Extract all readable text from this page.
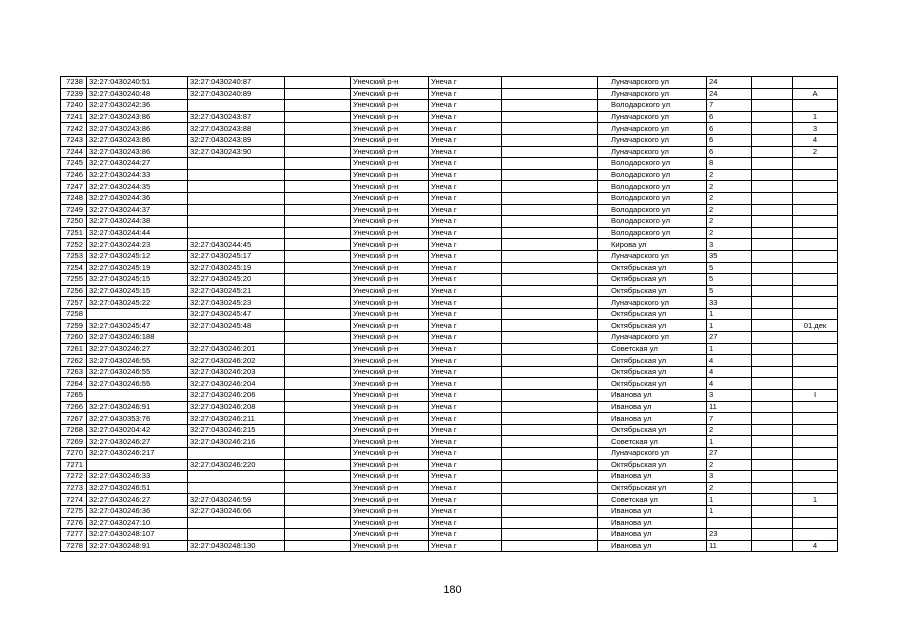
7238	32:27:0430240:51	32:27:0430240:87		Унечский р-н	Унеча г		Луначарского ул	24		
7239	32:27:0430240:48	32:27:0430240:89		Унечский р-н	Унеча г		Луначарского ул	24		А
7240	32:27:0430242:36			Унечский р-н	Унеча г		Володарского ул	7		
7241	32:27:0430243:86	32:27:0430243:87		Унечский р-н	Унеча г		Луначарского ул	6		1
7242	32:27:0430243:86	32:27:0430243:88		Унечский р-н	Унеча г		Луначарского ул	6		3
7243	32:27:0430243:86	32:27:0430243:89		Унечский р-н	Унеча г		Луначарского ул	6		4
7244	32:27:0430243:86	32:27:0430243:90		Унечский р-н	Унеча г		Луначарского ул	6		2
7245	32:27:0430244:27			Унечский р-н	Унеча г		Володарского ул	8		
7246	32:27:0430244:33			Унечский р-н	Унеча г		Володарского ул	2		
7247	32:27:0430244:35			Унечский р-н	Унеча г		Володарского ул	2		
7248	32:27:0430244:36			Унечский р-н	Унеча г		Володарского ул	2		
7249	32:27:0430244:37			Унечский р-н	Унеча г		Володарского ул	2		
7250	32:27:0430244:38			Унечский р-н	Унеча г		Володарского ул	2		
7251	32:27:0430244:44			Унечский р-н	Унеча г		Володарского ул	2		
7252	32:27:0430244:23	32:27:0430244:45		Унечский р-н	Унеча г		Кирова ул	3		
7253	32:27:0430245:12	32:27:0430245:17		Унечский р-н	Унеча г		Луначарского ул	35		
7254	32:27:0430245:19	32:27:0430245:19		Унечский р-н	Унеча г		Октябрьская ул	5		
7255	32:27:0430245:15	32:27:0430245:20		Унечский р-н	Унеча г		Октябрьская ул	5		
7256	32:27:0430245:15	32:27:0430245:21		Унечский р-н	Унеча г		Октябрьская ул	5		
7257	32:27:0430245:22	32:27:0430245:23		Унечский р-н	Унеча г		Луначарского ул	33		
7258		32:27:0430245:47		Унечский р-н	Унеча г		Октябрьская ул	1		
7259	32:27:0430245:47	32:27:0430245:48		Унечский р-н	Унеча г		Октябрьская ул	1		01.дек
7260	32:27:0430246:188			Унечский р-н	Унеча г		Луначарского ул	27		
7261	32:27:0430246:27	32:27:0430246:201		Унечский р-н	Унеча г		Советская ул	1		
7262	32:27:0430246:55	32:27:0430246:202		Унечский р-н	Унеча г		Октябрьская ул	4		
7263	32:27:0430246:55	32:27:0430246:203		Унечский р-н	Унеча г		Октябрьская ул	4		
7264	32:27:0430246:55	32:27:0430246:204		Унечский р-н	Унеча г		Октябрьская ул	4		
7265		32:27:0430246:206		Унечский р-н	Унеча г		Иванова ул	3		I
7266	32:27:0430246:91	32:27:0430246:208		Унечский р-н	Унеча г		Иванова ул	11		
7267	32:27:0430353:76	32:27:0430246:211		Унечский р-н	Унеча г		Иванова ул	7		
7268	32:27:0430204:42	32:27:0430246:215		Унечский р-н	Унеча г		Октябрьская ул	2		
7269	32:27:0430246:27	32:27:0430246:216		Унечский р-н	Унеча г		Советская ул	1		
7270	32:27:0430246:217			Унечский р-н	Унеча г		Луначарского ул	27		
7271		32:27:0430246:220		Унечский р-н	Унеча г		Октябрьская ул	2		
7272	32:27:0430246:33			Унечский р-н	Унеча г		Иванова ул	3		
7273	32:27:0430246:51			Унечский р-н	Унеча г		Октябрьская ул	2		
7274	32:27:0430246:27	32:27:0430246:59		Унечский р-н	Унеча г		Советская ул	1		1
7275	32:27:0430246:36	32:27:0430246:66		Унечский р-н	Унеча г		Иванова ул	1		
7276	32:27:0430247:10			Унечский р-н	Унеча г		Иванова ул			
7277	32:27:0430248:107			Унечский р-н	Унеча г		Иванова ул	23		
7278	32:27:0430248:91	32:27:0430248:130		Унечский р-н	Унеча г		Иванова ул	11		4
180
